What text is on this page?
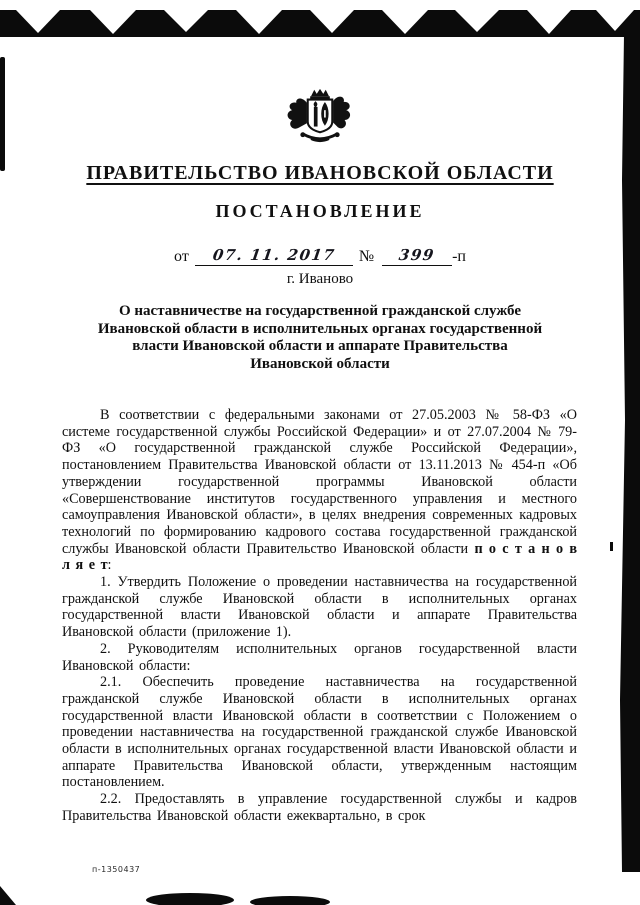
ПРАВИТЕЛЬСТВО ИВАНОВСКОЙ ОБЛАСТИ
ПОСТАНОВЛЕНИЕ
от 07. 11. 2017 № 399 -п
г. Иваново
О наставничестве на государственной гражданской службе
Ивановской области в исполнительных органах государственной
власти Ивановской области и аппарате Правительства
Ивановской области

В соответствии с федеральными законами от 27.05.2003 № 58-ФЗ «О системе государственной службы Российской Федерации» и от 27.07.2004 № 79-ФЗ «О государственной гражданской службе Российской Федерации», постановлением Правительства Ивановской области от 13.11.2013 № 454-п «Об утверждении государственной программы Ивановской области «Совершенствование институтов государственного управления и местного самоуправления Ивановской области», в целях внедрения современных кадровых технологий по формированию кадрового состава государственной гражданской службы Ивановской области Правительство Ивановской области п о с т а н о в л я е т:

1. Утвердить Положение о проведении наставничества на государственной гражданской службе Ивановской области в исполнительных органах государственной власти Ивановской области и аппарате Правительства Ивановской области (приложение 1).

2. Руководителям исполнительных органов государственной власти Ивановской области:

2.1. Обеспечить проведение наставничества на государственной гражданской службе Ивановской области в исполнительных органах государственной власти Ивановской области в соответствии с Положением о проведении наставничества на государственной гражданской службе Ивановской области в исполнительных органах государственной власти Ивановской области и аппарате Правительства Ивановской области, утвержденным настоящим постановлением.

2.2. Предоставлять в управление государственной службы и кадров Правительства Ивановской области ежеквартально, в срок

п-1350437
